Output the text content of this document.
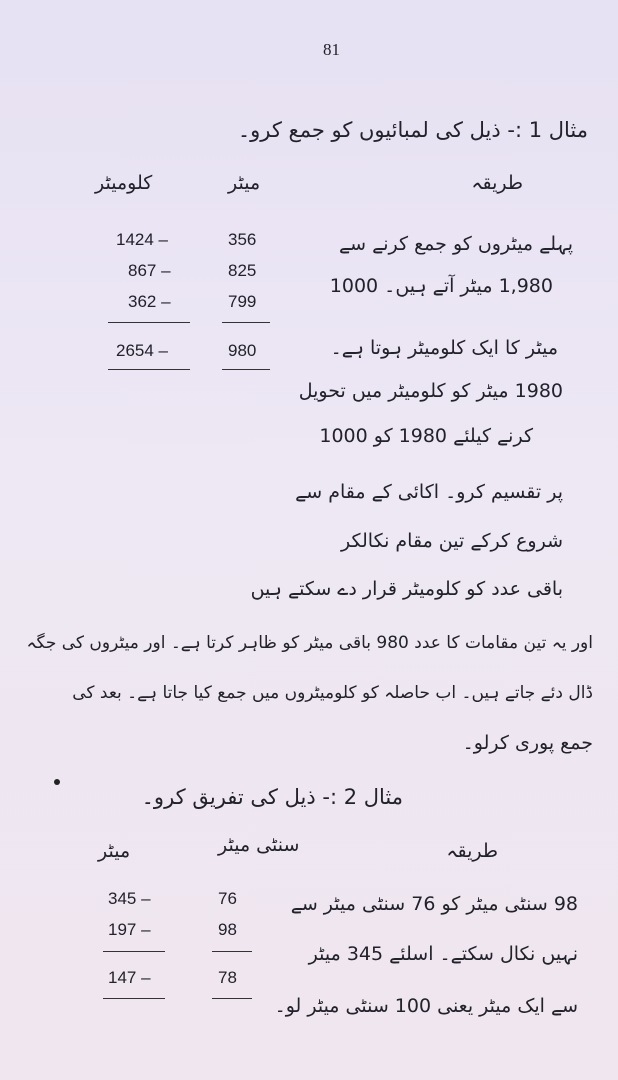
81
مثال 1 :- ذیل کی لمبائیوں کو جمع کرو۔
طریقہ
میٹر
کلومیٹر
1424 –
867 –
362 –
2654 –
356
825
799
980
پہلے میٹروں کو جمع کرنے سے
1,980 میٹر آتے ہیں۔ 1000
میٹر کا ایک کلومیٹر ہوتا ہے۔
1980 میٹر کو کلومیٹر میں تحویل
کرنے کیلئے 1980 کو 1000
پر تقسیم کرو۔ اکائی کے مقام سے
شروع کرکے تین مقام نکالکر
باقی عدد کو کلومیٹر قرار دے سکتے ہیں
اور یہ تین مقامات کا عدد 980 باقی میٹر کو ظاہر کرتا ہے۔ اور میٹروں کی جگہ
ڈال دئے جاتے ہیں۔ اب حاصلہ کو کلومیٹروں میں جمع کیا جاتا ہے۔ بعد کی
جمع پوری کرلو۔
مثال 2 :- ذیل کی تفریق کرو۔
طریقہ
سنٹی میٹر
میٹر
345 –
197 –
147 –
76
98
78
98 سنٹی میٹر کو 76 سنٹی میٹر سے
نہیں نکال سکتے۔ اسلئے 345 میٹر
سے ایک میٹر یعنی 100 سنٹی میٹر لو۔
